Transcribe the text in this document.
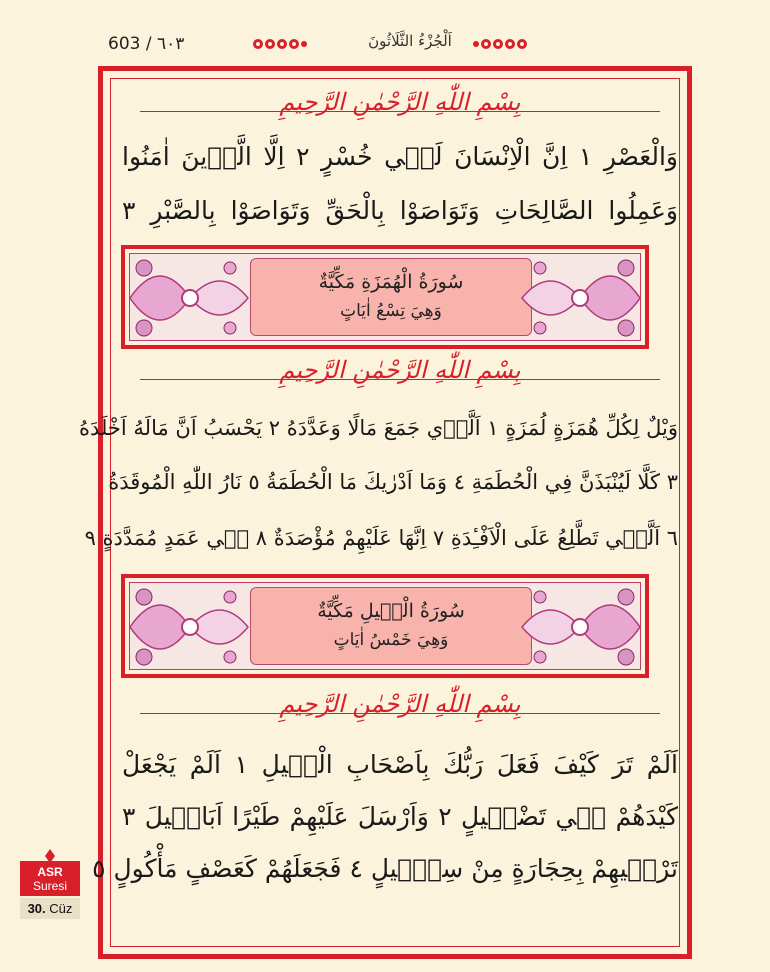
603 / ٦٠٣	اَلْجُزْءُ الثَّلَاثُونَ
بِسْمِ اللّٰهِ الرَّحْمٰنِ الرَّحِيمِ
وَالْعَصْرِ ١ اِنَّ الْاِنْسَانَ لَفٖي خُسْرٍ ٢ اِلَّا الَّذٖينَ اٰمَنُوا
وَعَمِلُوا الصَّالِحَاتِ وَتَوَاصَوْا بِالْحَقِّ وَتَوَاصَوْا بِالصَّبْرِ ٣
سُورَةُ الْهُمَزَةِ مَكِّيَّةٌ
وَهِيَ تِسْعُ اٰيَاتٍ
بِسْمِ اللّٰهِ الرَّحْمٰنِ الرَّحِيمِ
وَيْلٌ لِكُلِّ هُمَزَةٍ لُمَزَةٍ ١ اَلَّذٖي جَمَعَ مَالًا وَعَدَّدَهُ ٢ يَحْسَبُ اَنَّ مَالَهُ اَخْلَدَهُ
٣ كَلَّا لَيُنْبَذَنَّ فِي الْحُطَمَةِ ٤ وَمَا اَدْرٰيكَ مَا الْحُطَمَةُ ٥ نَارُ اللّٰهِ الْمُوقَدَةُ
٦ اَلَّتٖي تَطَّلِعُ عَلَى الْاَفْـِٔدَةِ ٧ اِنَّهَا عَلَيْهِمْ مُؤْصَدَةٌ ٨ فٖي عَمَدٍ مُمَدَّدَةٍ ٩
سُورَةُ الْفٖيلِ مَكِّيَّةٌ
وَهِيَ خَمْسُ اٰيَاتٍ
بِسْمِ اللّٰهِ الرَّحْمٰنِ الرَّحِيمِ
اَلَمْ تَرَ كَيْفَ فَعَلَ رَبُّكَ بِاَصْحَابِ الْفٖيلِ ١ اَلَمْ يَجْعَلْ
كَيْدَهُمْ فٖي تَضْلٖيلٍ ٢ وَاَرْسَلَ عَلَيْهِمْ طَيْرًا اَبَابٖيلَ ٣
تَرْمٖيهِمْ بِحِجَارَةٍ مِنْ سِجّٖيلٍ ٤ فَجَعَلَهُمْ كَعَصْفٍ مَأْكُولٍ ٥
ASR
Suresi
30. Cüz
